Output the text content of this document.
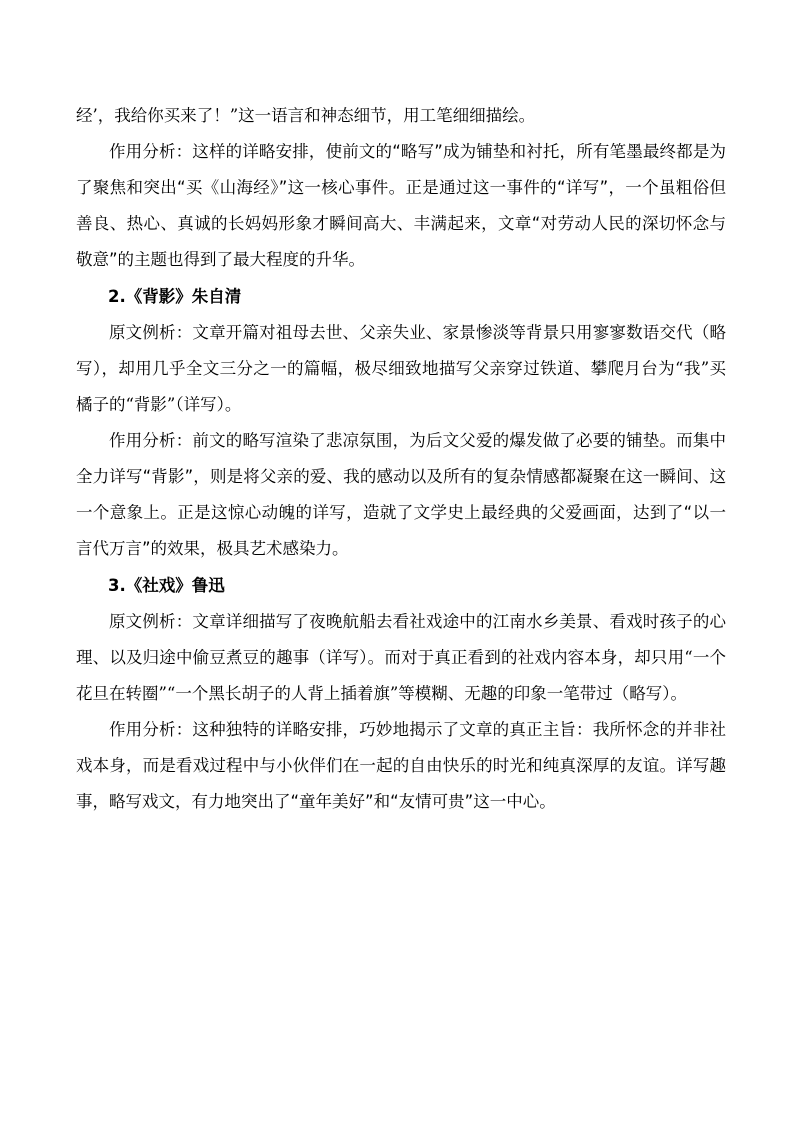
经’，我给你买来了！”这一语言和神态细节，用工笔细细描绘。

作用分析：这样的详略安排，使前文的“略写”成为铺垫和衬托，所有笔墨最终都是为了聚焦和突出“买《山海经》”这一核心事件。正是通过这一事件的“详写”，一个虽粗俗但善良、热心、真诚的长妈妈形象才瞬间高大、丰满起来，文章“对劳动人民的深切怀念与敬意”的主题也得到了最大程度的升华。

2.《背影》朱自清

原文例析：文章开篇对祖母去世、父亲失业、家景惨淡等背景只用寥寥数语交代（略写），却用几乎全文三分之一的篇幅，极尽细致地描写父亲穿过铁道、攀爬月台为“我”买橘子的“背影”（详写）。

作用分析：前文的略写渲染了悲凉氛围，为后文父爱的爆发做了必要的铺垫。而集中全力详写“背影”，则是将父亲的爱、我的感动以及所有的复杂情感都凝聚在这一瞬间、这一个意象上。正是这惊心动魄的详写，造就了文学史上最经典的父爱画面，达到了“以一言代万言”的效果，极具艺术感染力。

3.《社戏》鲁迅

原文例析：文章详细描写了夜晚航船去看社戏途中的江南水乡美景、看戏时孩子的心理、以及归途中偷豆煮豆的趣事（详写）。而对于真正看到的社戏内容本身，却只用“一个花旦在转圈”“一个黑长胡子的人背上插着旗”等模糊、无趣的印象一笔带过（略写）。

作用分析：这种独特的详略安排，巧妙地揭示了文章的真正主旨：我所怀念的并非社戏本身，而是看戏过程中与小伙伴们在一起的自由快乐的时光和纯真深厚的友谊。详写趣事，略写戏文，有力地突出了“童年美好”和“友情可贵”这一中心。
